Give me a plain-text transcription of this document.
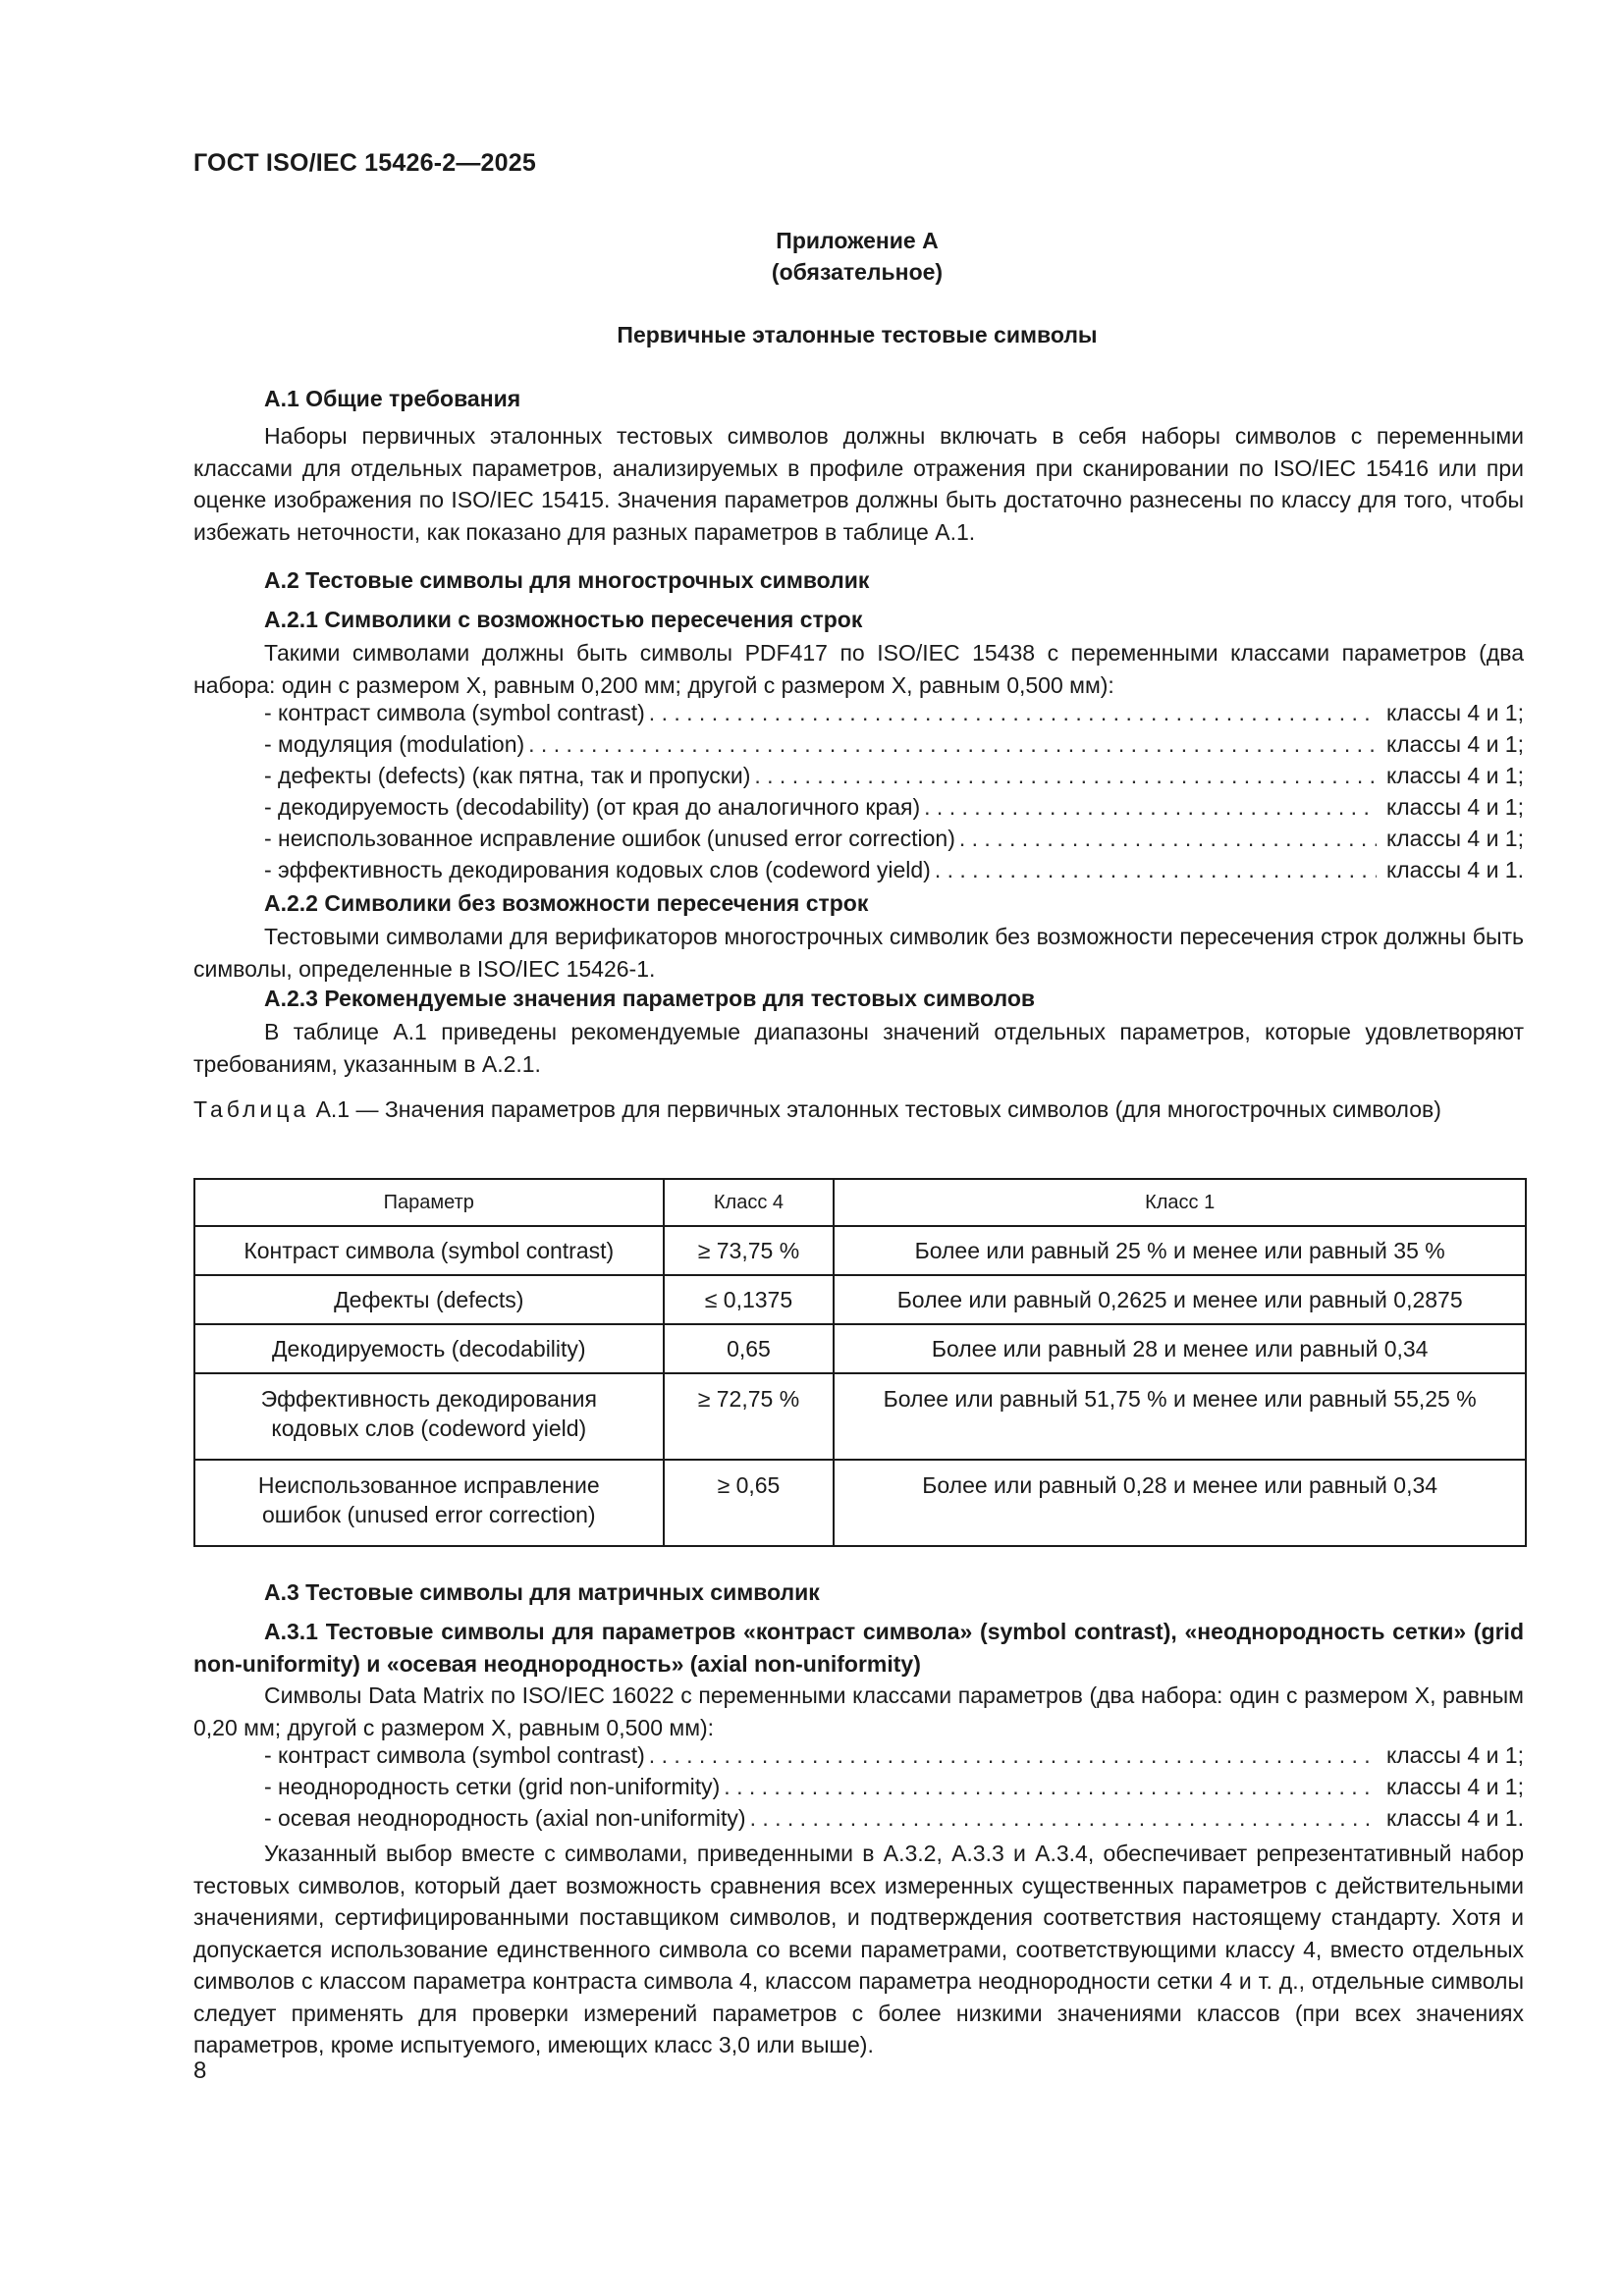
ГОСТ ISO/IEC 15426-2—2025
Приложение А
(обязательное)
Первичные эталонные тестовые символы
А.1 Общие требования

Наборы первичных эталонных тестовых символов должны включать в себя наборы символов с переменными классами для отдельных параметров, анализируемых в профиле отражения при сканировании по ISO/IEC 15416 или при оценке изображения по ISO/IEC 15415. Значения параметров должны быть достаточно разнесены по классу для того, чтобы избежать неточности, как показано для разных параметров в таблице А.1.

А.2 Тестовые символы для многострочных символик
А.2.1 Символики с возможностью пересечения строк

Такими символами должны быть символы PDF417 по ISO/IEC 15438 с переменными классами параметров (два набора: один с размером X, равным 0,200 мм; другой с размером X, равным 0,500 мм):

- контраст символа (symbol contrast) . . .	классы 4 и 1;
- модуляция (modulation) . . .	классы 4 и 1;
- дефекты (defects) (как пятна, так и пропуски) . . .	классы 4 и 1;
- декодируемость (decodability) (от края до аналогичного края) . . .	классы 4 и 1;
- неиспользованное исправление ошибок (unused error correction) . . .	классы 4 и 1;
- эффективность декодирования кодовых слов (codeword yield) . . .	классы 4 и 1.
А.2.2 Символики без возможности пересечения строк

Тестовыми символами для верификаторов многострочных символик без возможности пересечения строк должны быть символы, определенные в ISO/IEC 15426-1.

А.2.3 Рекомендуемые значения параметров для тестовых символов

В таблице А.1 приведены рекомендуемые диапазоны значений отдельных параметров, которые удовлетворяют требованиям, указанным в А.2.1.

Таблица А.1 — Значения параметров для первичных эталонных тестовых символов (для многострочных символов)
Параметр	Класс 4	Класс 1
Контраст символа (symbol contrast)	≥ 73,75 %	Более или равный 25 % и менее или равный 35 %
Дефекты (defects)	≤ 0,1375	Более или равный 0,2625 и менее или равный 0,2875
Декодируемость (decodability)	0,65	Более или равный 28 и менее или равный 0,34
Эффективность декодирования кодовых слов (codeword yield)	≥ 72,75 %	Более или равный 51,75 % и менее или равный 55,25 %
Неиспользованное исправление ошибок (unused error correction)	≥ 0,65	Более или равный 0,28 и менее или равный 0,34
А.3 Тестовые символы для матричных символик

А.3.1 Тестовые символы для параметров «контраст символа» (symbol contrast), «неоднородность сетки» (grid non-uniformity) и «осевая неоднородность» (axial non-uniformity)

Символы Data Matrix по ISO/IEC 16022 с переменными классами параметров (два набора: один с размером X, равным 0,20 мм; другой с размером X, равным 0,500 мм):

- контраст символа (symbol contrast) . . .	классы 4 и 1;
- неоднородность сетки (grid non-uniformity) . . .	классы 4 и 1;
- осевая неоднородность (axial non-uniformity) . . .	классы 4 и 1.

Указанный выбор вместе с символами, приведенными в А.3.2, А.3.3 и А.3.4, обеспечивает репрезентативный набор тестовых символов, который дает возможность сравнения всех измеренных существенных параметров с действительными значениями, сертифицированными поставщиком символов, и подтверждения соответствия настоящему стандарту. Хотя и допускается использование единственного символа со всеми параметрами, соответствующими классу 4, вместо отдельных символов с классом параметра контраста символа 4, классом параметра неоднородности сетки 4 и т. д., отдельные символы следует применять для проверки измерений параметров с более низкими значениями классов (при всех значениях параметров, кроме испытуемого, имеющих класс 3,0 или выше).

8
